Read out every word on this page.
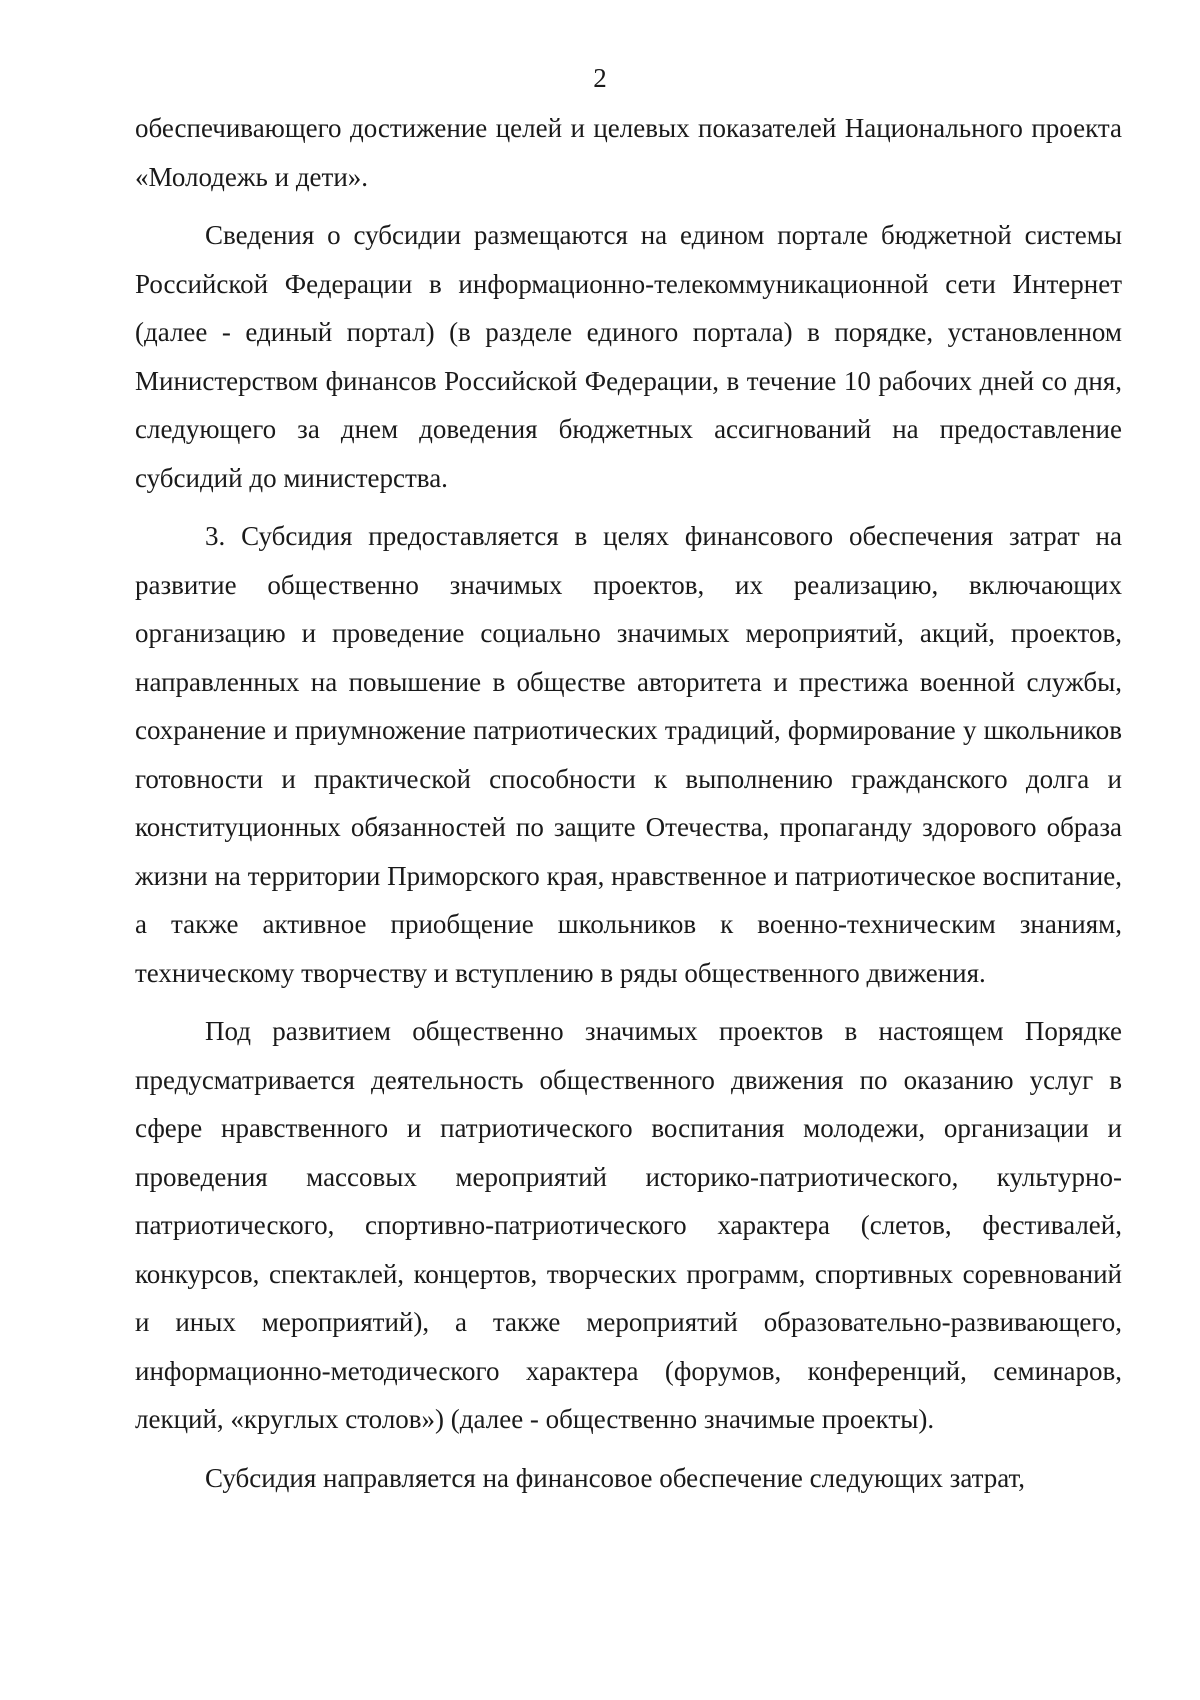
2

обеспечивающего достижение целей и целевых показателей Национального проекта «Молодежь и дети».

Сведения о субсидии размещаются на едином портале бюджетной системы Российской Федерации в информационно-телекоммуникационной сети Интернет (далее - единый портал) (в разделе единого портала) в порядке, установленном Министерством финансов Российской Федерации, в течение 10 рабочих дней со дня, следующего за днем доведения бюджетных ассигнований на предоставление субсидий до министерства.

3. Субсидия предоставляется в целях финансового обеспечения затрат на развитие общественно значимых проектов, их реализацию, включающих организацию и проведение социально значимых мероприятий, акций, проектов, направленных на повышение в обществе авторитета и престижа военной службы, сохранение и приумножение патриотических традиций, формирование у школьников готовности и практической способности к выполнению гражданского долга и конституционных обязанностей по защите Отечества, пропаганду здорового образа жизни на территории Приморского края, нравственное и патриотическое воспитание, а также активное приобщение школьников к военно-техническим знаниям, техническому творчеству и вступлению в ряды общественного движения.

Под развитием общественно значимых проектов в настоящем Порядке предусматривается деятельность общественного движения по оказанию услуг в сфере нравственного и патриотического воспитания молодежи, организации и проведения массовых мероприятий историко-патриотического, культурно-патриотического, спортивно-патриотического характера (слетов, фестивалей, конкурсов, спектаклей, концертов, творческих программ, спортивных соревнований и иных мероприятий), а также мероприятий образовательно-развивающего, информационно-методического характера (форумов, конференций, семинаров, лекций, «круглых столов») (далее - общественно значимые проекты).

Субсидия направляется на финансовое обеспечение следующих затрат,
